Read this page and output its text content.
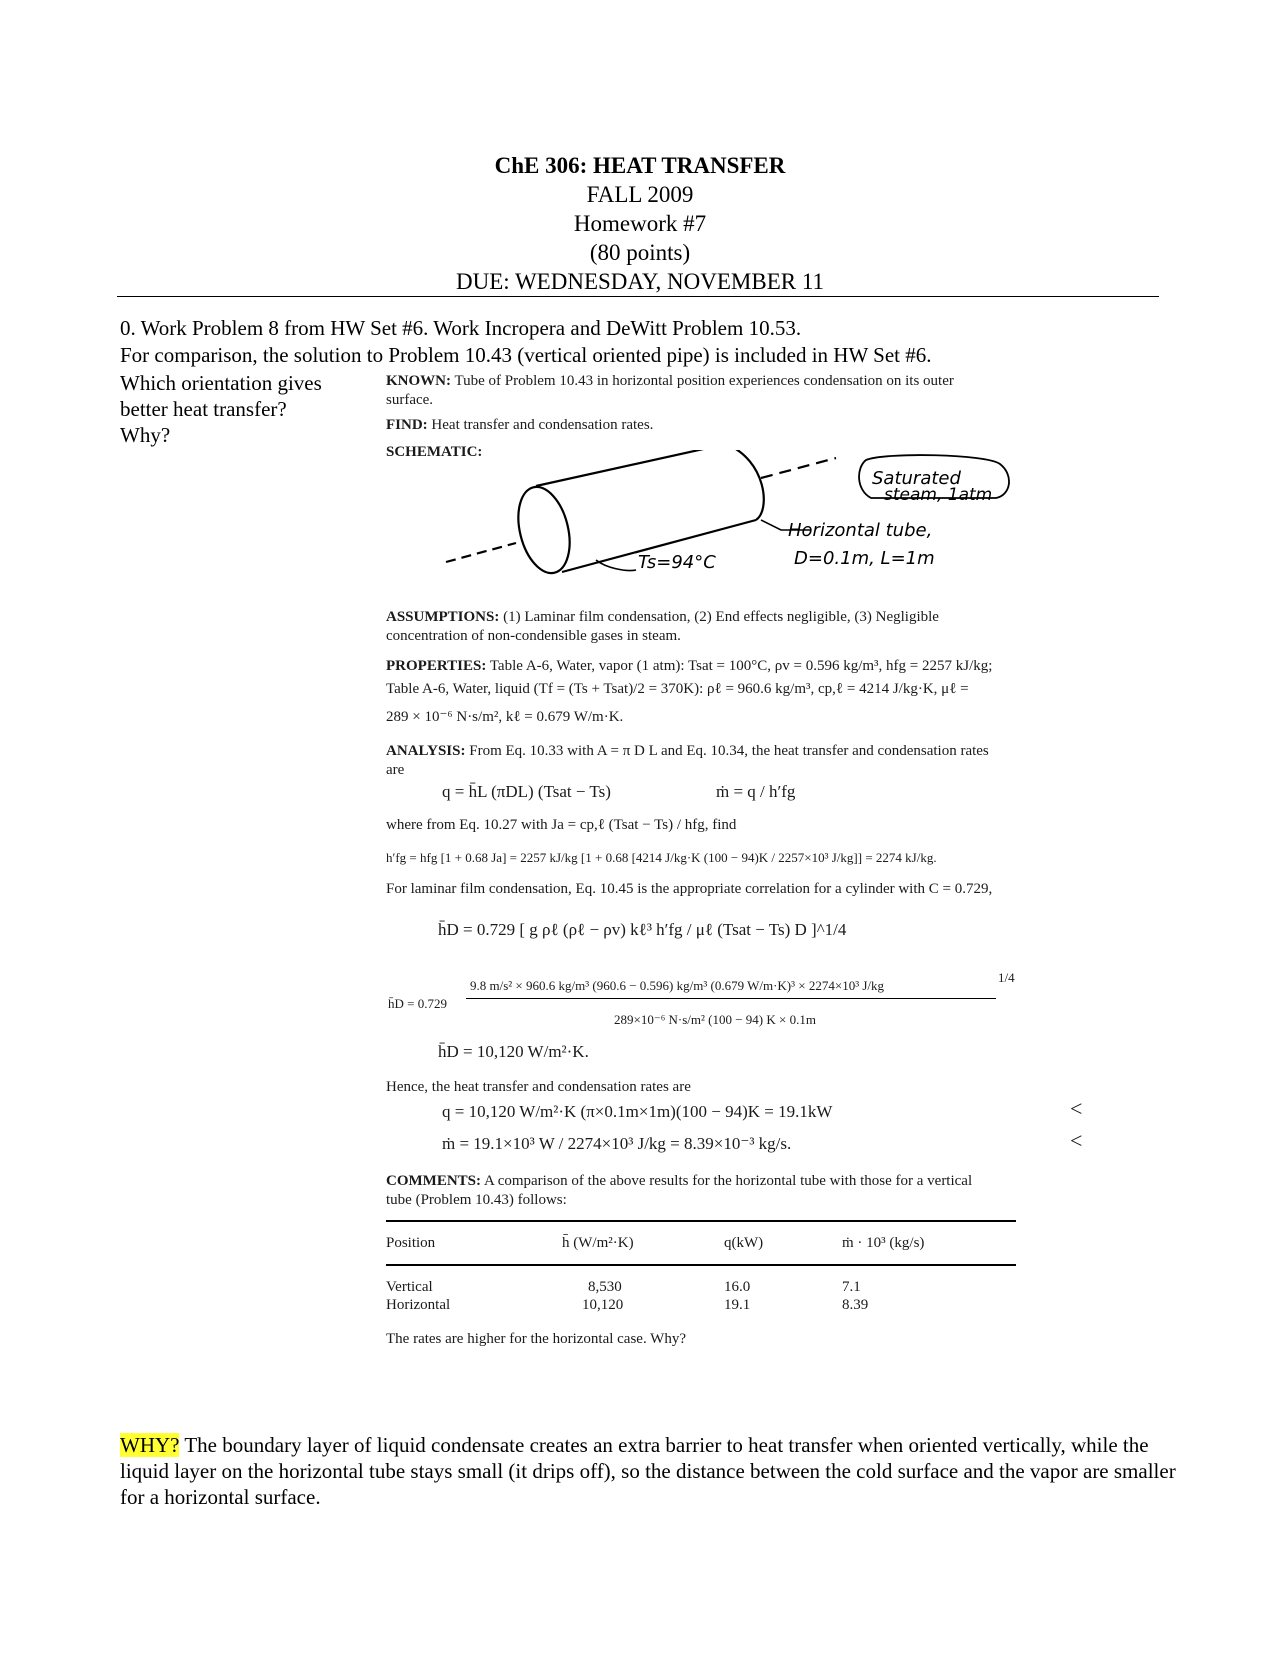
ChE 306: HEAT TRANSFER
FALL 2009
Homework #7
(80 points)
DUE: WEDNESDAY, NOVEMBER 11
0. Work Problem 8 from HW Set #6. Work Incropera and DeWitt Problem 10.53.
For comparison, the solution to Problem 10.43 (vertical oriented pipe) is included in HW Set #6.
Which orientation gives
better heat transfer?
Why?
KNOWN: Tube of Problem 10.43 in horizontal position experiences condensation on its outer
surface.
FIND: Heat transfer and condensation rates.
SCHEMATIC:
Saturated
steam, 1atm
Horizontal tube,
D=0.1m, L=1m
Ts=94°C
ASSUMPTIONS: (1) Laminar film condensation, (2) End effects negligible, (3) Negligible
concentration of non-condensible gases in steam.
PROPERTIES: Table A-6, Water, vapor (1 atm): Tsat = 100°C, ρv = 0.596 kg/m³, hfg = 2257 kJ/kg;
Table A-6, Water, liquid (Tf = (Ts + Tsat)/2 = 370K): ρℓ = 960.6 kg/m³, cp,ℓ = 4214 J/kg·K, μℓ =
289 × 10⁻⁶ N·s/m², kℓ = 0.679 W/m·K.
ANALYSIS: From Eq. 10.33 with A = π D L and Eq. 10.34, the heat transfer and condensation rates
are
q = h̄L (πDL) (Tsat − Ts)	ṁ = q / h′fg
where from Eq. 10.27 with Ja = cp,ℓ (Tsat − Ts) / hfg, find
h′fg = hfg [1 + 0.68 Ja] = 2257 kJ/kg [1 + 0.68 [4214 J/kg·K (100 − 94)K / 2257×10³ J/kg]] = 2274 kJ/kg.
For laminar film condensation, Eq. 10.45 is the appropriate correlation for a cylinder with C = 0.729,
h̄D = 0.729 [ g ρℓ (ρℓ − ρv) kℓ³ h′fg / μℓ (Tsat − Ts) D ]^1/4
h̄D = 0.729
9.8 m/s² × 960.6 kg/m³ (960.6 − 0.596) kg/m³ (0.679 W/m·K)³ × 2274×10³ J/kg
289×10⁻⁶ N·s/m² (100 − 94) K × 0.1m
1/4
h̄D = 10,120 W/m²·K.
Hence, the heat transfer and condensation rates are
q = 10,120 W/m²·K (π×0.1m×1m)(100 − 94)K = 19.1kW	<
ṁ = 19.1×10³ W / 2274×10³ J/kg = 8.39×10⁻³ kg/s.	<
COMMENTS: A comparison of the above results for the horizontal tube with those for a vertical
tube (Problem 10.43) follows:
Position	h̄ (W/m²·K)	q(kW)	ṁ · 10³ (kg/s)
Vertical	8,530	16.0	7.1
Horizontal	10,120	19.1	8.39
The rates are higher for the horizontal case. Why?
WHY? The boundary layer of liquid condensate creates an extra barrier to heat transfer when oriented vertically, while the liquid layer on the horizontal tube stays small (it drips off), so the distance between the cold surface and the vapor are smaller for a horizontal surface.
